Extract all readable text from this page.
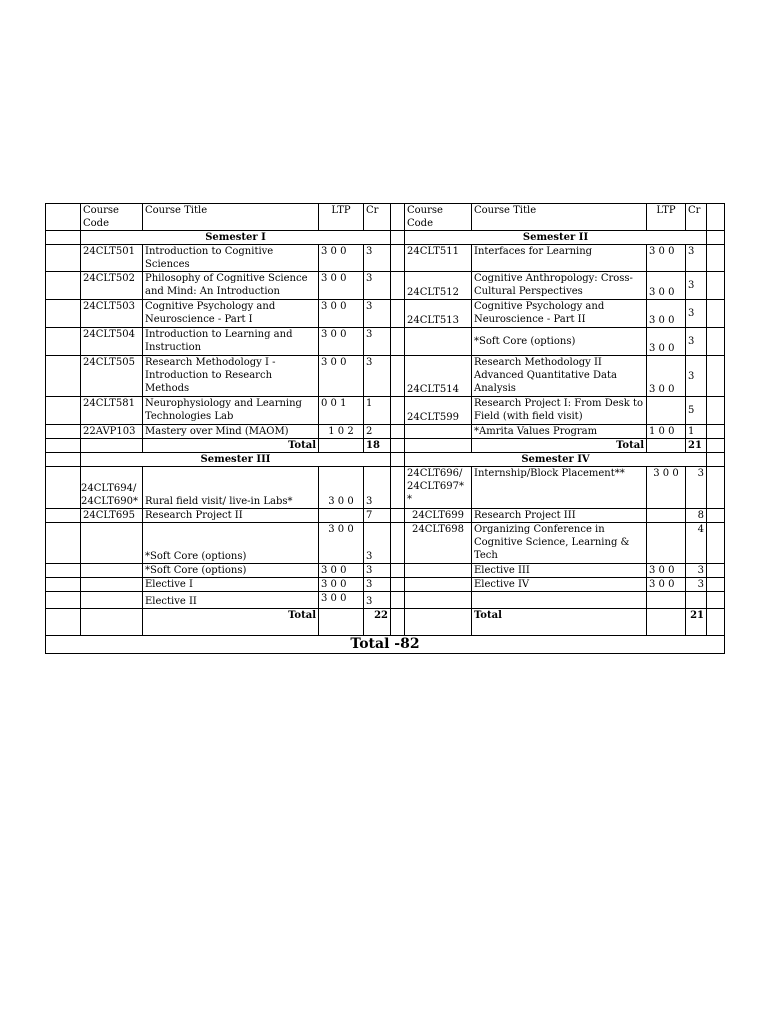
	Course Code	Course Title	LTP	Cr		Course Code	Course Title	LTP	Cr	
	Semester I					Semester II				
	24CLT501	Introduction to Cognitive Sciences	3 0 0	3		24CLT511	Interfaces for Learning	3 0 0	3	
	24CLT502	Philosophy of Cognitive Science and Mind: An Introduction	3 0 0	3		24CLT512	Cognitive Anthropology: Cross-Cultural Perspectives	3 0 0	3	
	24CLT503	Cognitive Psychology and Neuroscience - Part I	3 0 0	3		24CLT513	Cognitive Psychology and Neuroscience - Part II	3 0 0	3	
	24CLT504	Introduction to Learning and Instruction	3 0 0	3			*Soft Core (options)	3 0 0	3	
	24CLT505	Research Methodology I - Introduction to Research Methods	3 0 0	3		24CLT514	Research Methodology II Advanced Quantitative Data Analysis	3 0 0	3	
	24CLT581	Neurophysiology and Learning Technologies Lab	0 0 1	1		24CLT599	Research Project I: From Desk to Field (with field visit)		5	
	22AVP103	Mastery over Mind (MAOM)	1 0 2	2			*Amrita Values Program	1 0 0	1	
		Total		18			Total		21	
	Semester III					Semester IV				
	24CLT694/ 24CLT690*	Rural field visit/ live-in Labs*	3 0 0	3		24CLT696/ 24CLT697* *	Internship/Block Placement**	3 0 0	3	
	24CLT695	Research Project II		7		24CLT699	Research Project III		8	
		*Soft Core (options)	3 0 0	3		24CLT698	Organizing Conference in Cognitive Science, Learning & Tech		4	
		*Soft Core (options)	3 0 0	3			Elective III	3 0 0	3	
		Elective I	3 0 0	3			Elective IV	3 0 0	3	
		Elective II	3 0 0	3						
		Total		22			Total		21	
Total -82										
